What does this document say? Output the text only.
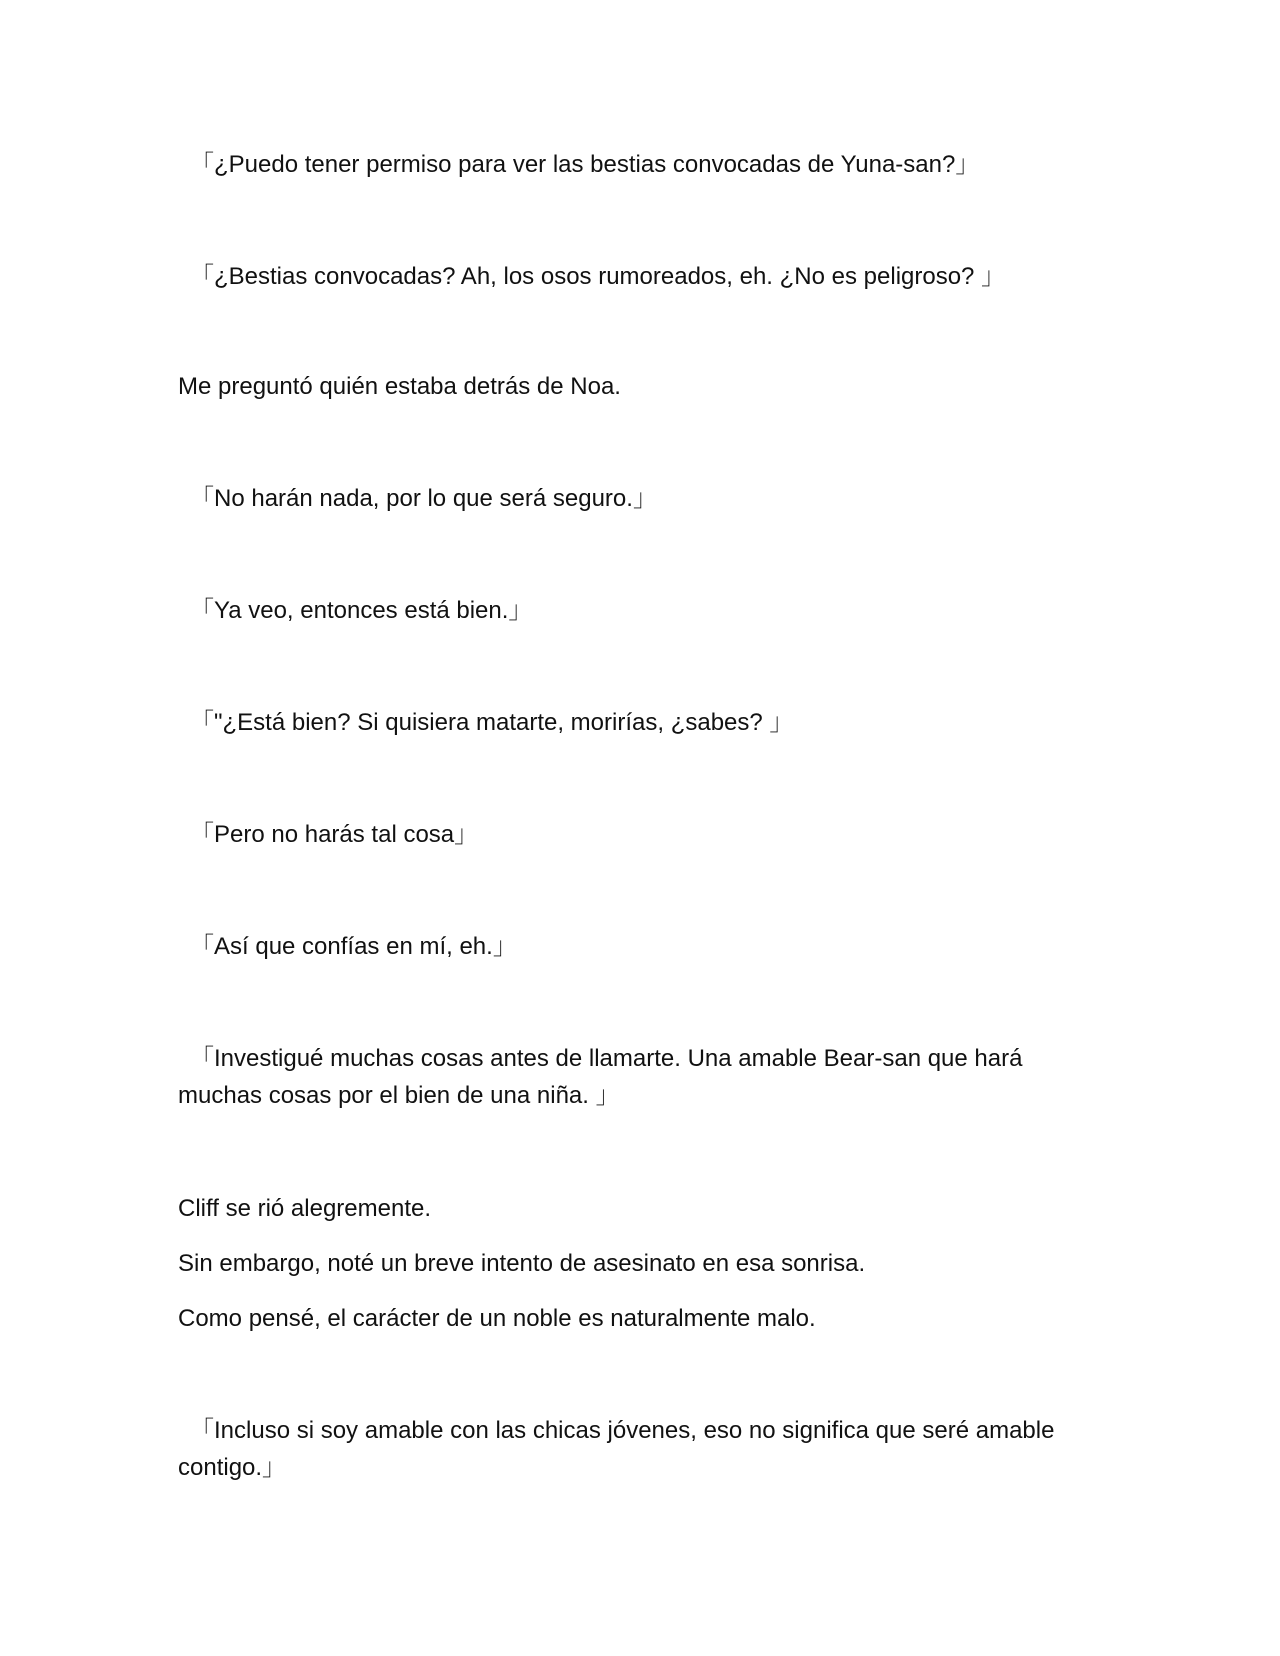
「¿Puedo tener permiso para ver las bestias convocadas de Yuna-san?」

「¿Bestias convocadas? Ah, los osos rumoreados, eh. ¿No es peligroso? 」

Me preguntó quién estaba detrás de Noa.

「No harán nada, por lo que será seguro.」

「Ya veo, entonces está bien.」

「"¿Está bien? Si quisiera matarte, morirías, ¿sabes? 」

「Pero no harás tal cosa」

「Así que confías en mí, eh.」

「Investigué muchas cosas antes de llamarte. Una amable Bear-san que hará muchas cosas por el bien de una niña. 」

Cliff se rió alegremente.

Sin embargo, noté un breve intento de asesinato en esa sonrisa.

Como pensé, el carácter de un noble es naturalmente malo.

「Incluso si soy amable con las chicas jóvenes, eso no significa que seré amable contigo.」
